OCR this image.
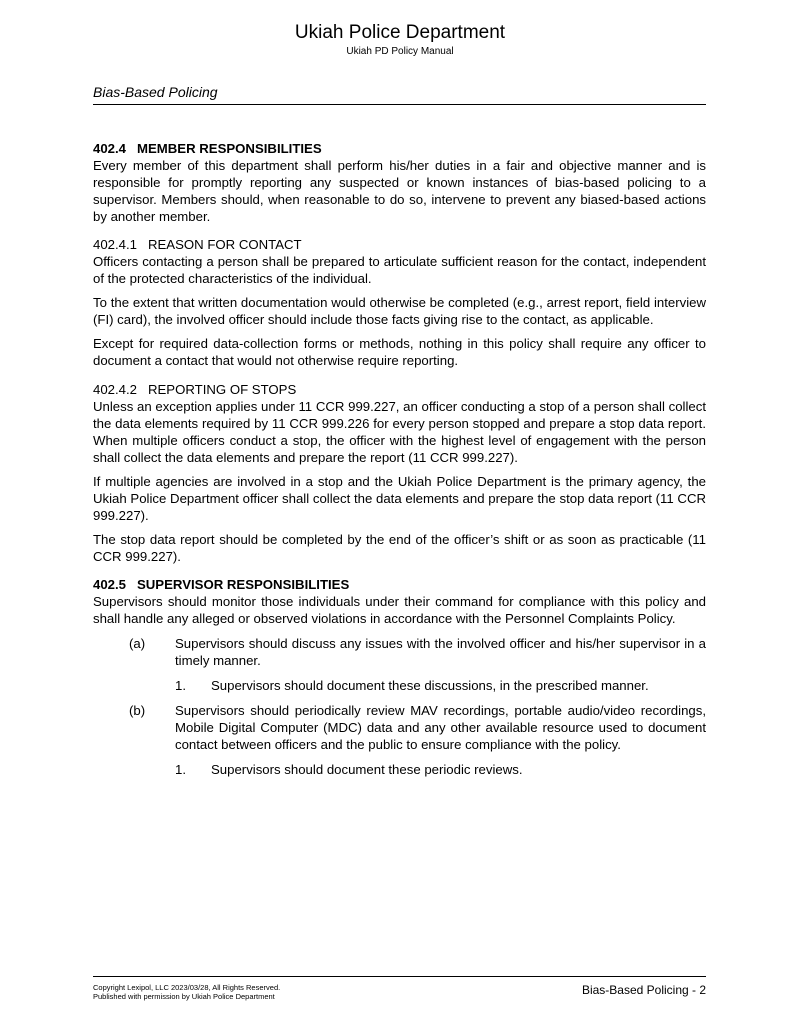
Ukiah Police Department
Ukiah PD Policy Manual
Bias-Based Policing
402.4   MEMBER RESPONSIBILITIES

Every member of this department shall perform his/her duties in a fair and objective manner and is responsible for promptly reporting any suspected or known instances of bias-based policing to a supervisor. Members should, when reasonable to do so, intervene to prevent any biased-based actions by another member.

402.4.1   REASON FOR CONTACT

Officers contacting a person shall be prepared to articulate sufficient reason for the contact, independent of the protected characteristics of the individual.

To the extent that written documentation would otherwise be completed (e.g., arrest report, field interview (FI) card), the involved officer should include those facts giving rise to the contact, as applicable.

Except for required data-collection forms or methods, nothing in this policy shall require any officer to document a contact that would not otherwise require reporting.

402.4.2   REPORTING OF STOPS

Unless an exception applies under 11 CCR 999.227, an officer conducting a stop of a person shall collect the data elements required by 11 CCR 999.226 for every person stopped and prepare a stop data report. When multiple officers conduct a stop, the officer with the highest level of engagement with the person shall collect the data elements and prepare the report (11 CCR 999.227).

If multiple agencies are involved in a stop and the Ukiah Police Department is the primary agency, the Ukiah Police Department officer shall collect the data elements and prepare the stop data report (11 CCR 999.227).

The stop data report should be completed by the end of the officer’s shift or as soon as practicable (11 CCR 999.227).

402.5   SUPERVISOR RESPONSIBILITIES

Supervisors should monitor those individuals under their command for compliance with this policy and shall handle any alleged or observed violations in accordance with the Personnel Complaints Policy.

(a)	Supervisors should discuss any issues with the involved officer and his/her supervisor in a timely manner.
1.	Supervisors should document these discussions, in the prescribed manner.
(b)	Supervisors should periodically review MAV recordings, portable audio/video recordings, Mobile Digital Computer (MDC) data and any other available resource used to document contact between officers and the public to ensure compliance with the policy.
1.	Supervisors should document these periodic reviews.
Copyright Lexipol, LLC 2023/03/28, All Rights Reserved.
Published with permission by Ukiah Police Department	Bias-Based Policing - 2
